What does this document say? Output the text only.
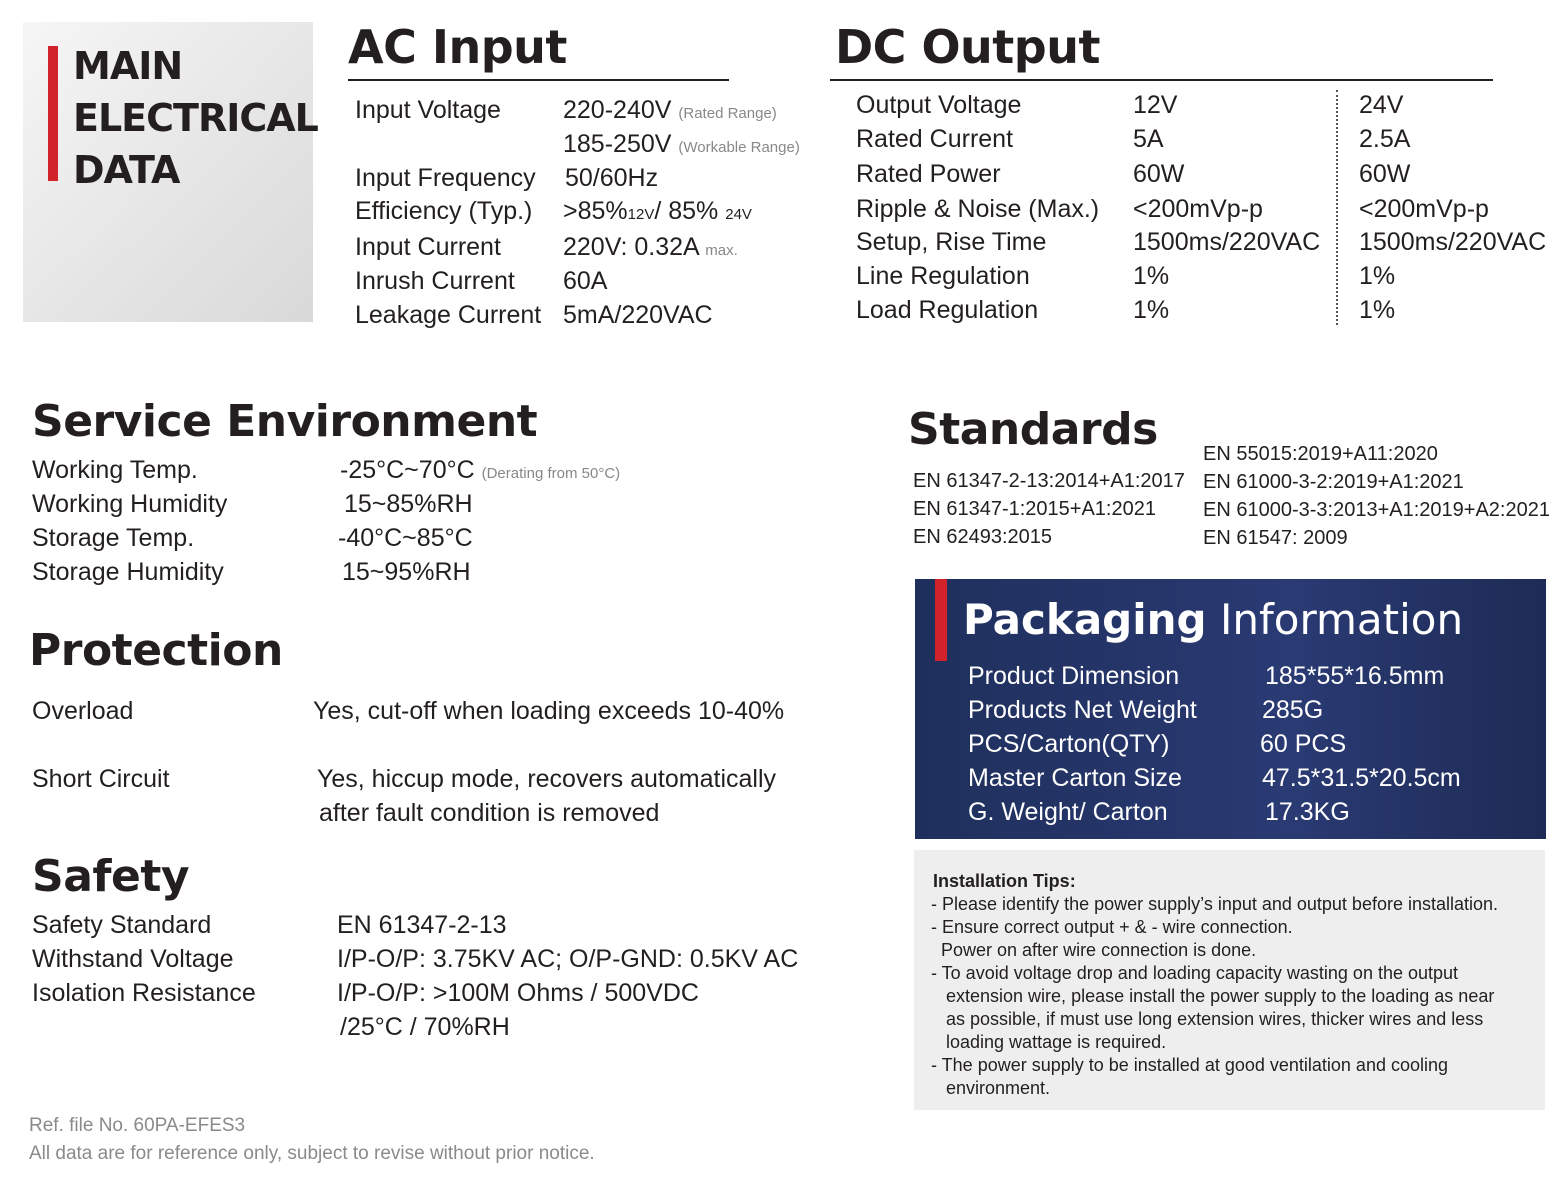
MAIN
ELECTRICAL
DATA
AC Input
Input Voltage 220-240V (Rated Range)
185-250V (Workable Range)
Input Frequency 50/60Hz
Efficiency (Typ.) >85%12V/ 85% 24V
Input Current 220V: 0.32A max.
Inrush Current 60A
Leakage Current 5mA/220VAC
DC Output
Output Voltage	12V	24V
Rated Current	5A	2.5A
Rated Power	60W	60W
Ripple & Noise (Max.) <200mVp-p	<200mVp-p
Setup, Rise Time	1500ms/220VAC 1500ms/220VAC
Line Regulation	1%	1%
Load Regulation	1%	1%
Service Environment
Working Temp.	-25°C~70°C (Derating from 50°C)
Working Humidity	15~85%RH
Storage Temp.	-40°C~85°C
Storage Humidity	15~95%RH
Protection
Overload	Yes, cut-off when loading exceeds 10-40%
Short Circuit	Yes, hiccup mode, recovers automatically
after fault condition is removed
Safety
Safety Standard	EN 61347-2-13
Withstand Voltage	I/P-O/P: 3.75KV AC; O/P-GND: 0.5KV AC
Isolation Resistance	I/P-O/P: >100M Ohms / 500VDC
/25°C / 70%RH
Standards
EN 61347-2-13:2014+A1:2017
EN 61347-1:2015+A1:2021
EN 62493:2015
EN 55015:2019+A11:2020
EN 61000-3-2:2019+A1:2021
EN 61000-3-3:2013+A1:2019+A2:2021
EN 61547: 2009
Packaging Information
Product Dimension	185*55*16.5mm
Products Net Weight	285G
PCS/Carton(QTY)	60 PCS
Master Carton Size	47.5*31.5*20.5cm
G. Weight/ Carton	17.3KG
Installation Tips:
- Please identify the power supply’s input and output before installation.
- Ensure correct output + & - wire connection.
Power on after wire connection is done.
- To avoid voltage drop and loading capacity wasting on the output
extension wire, please install the power supply to the loading as near
as possible, if must use long extension wires, thicker wires and less
loading wattage is required.
- The power supply to be installed at good ventilation and cooling
environment.
Ref. file No. 60PA-EFES3
All data are for reference only, subject to revise without prior notice.
